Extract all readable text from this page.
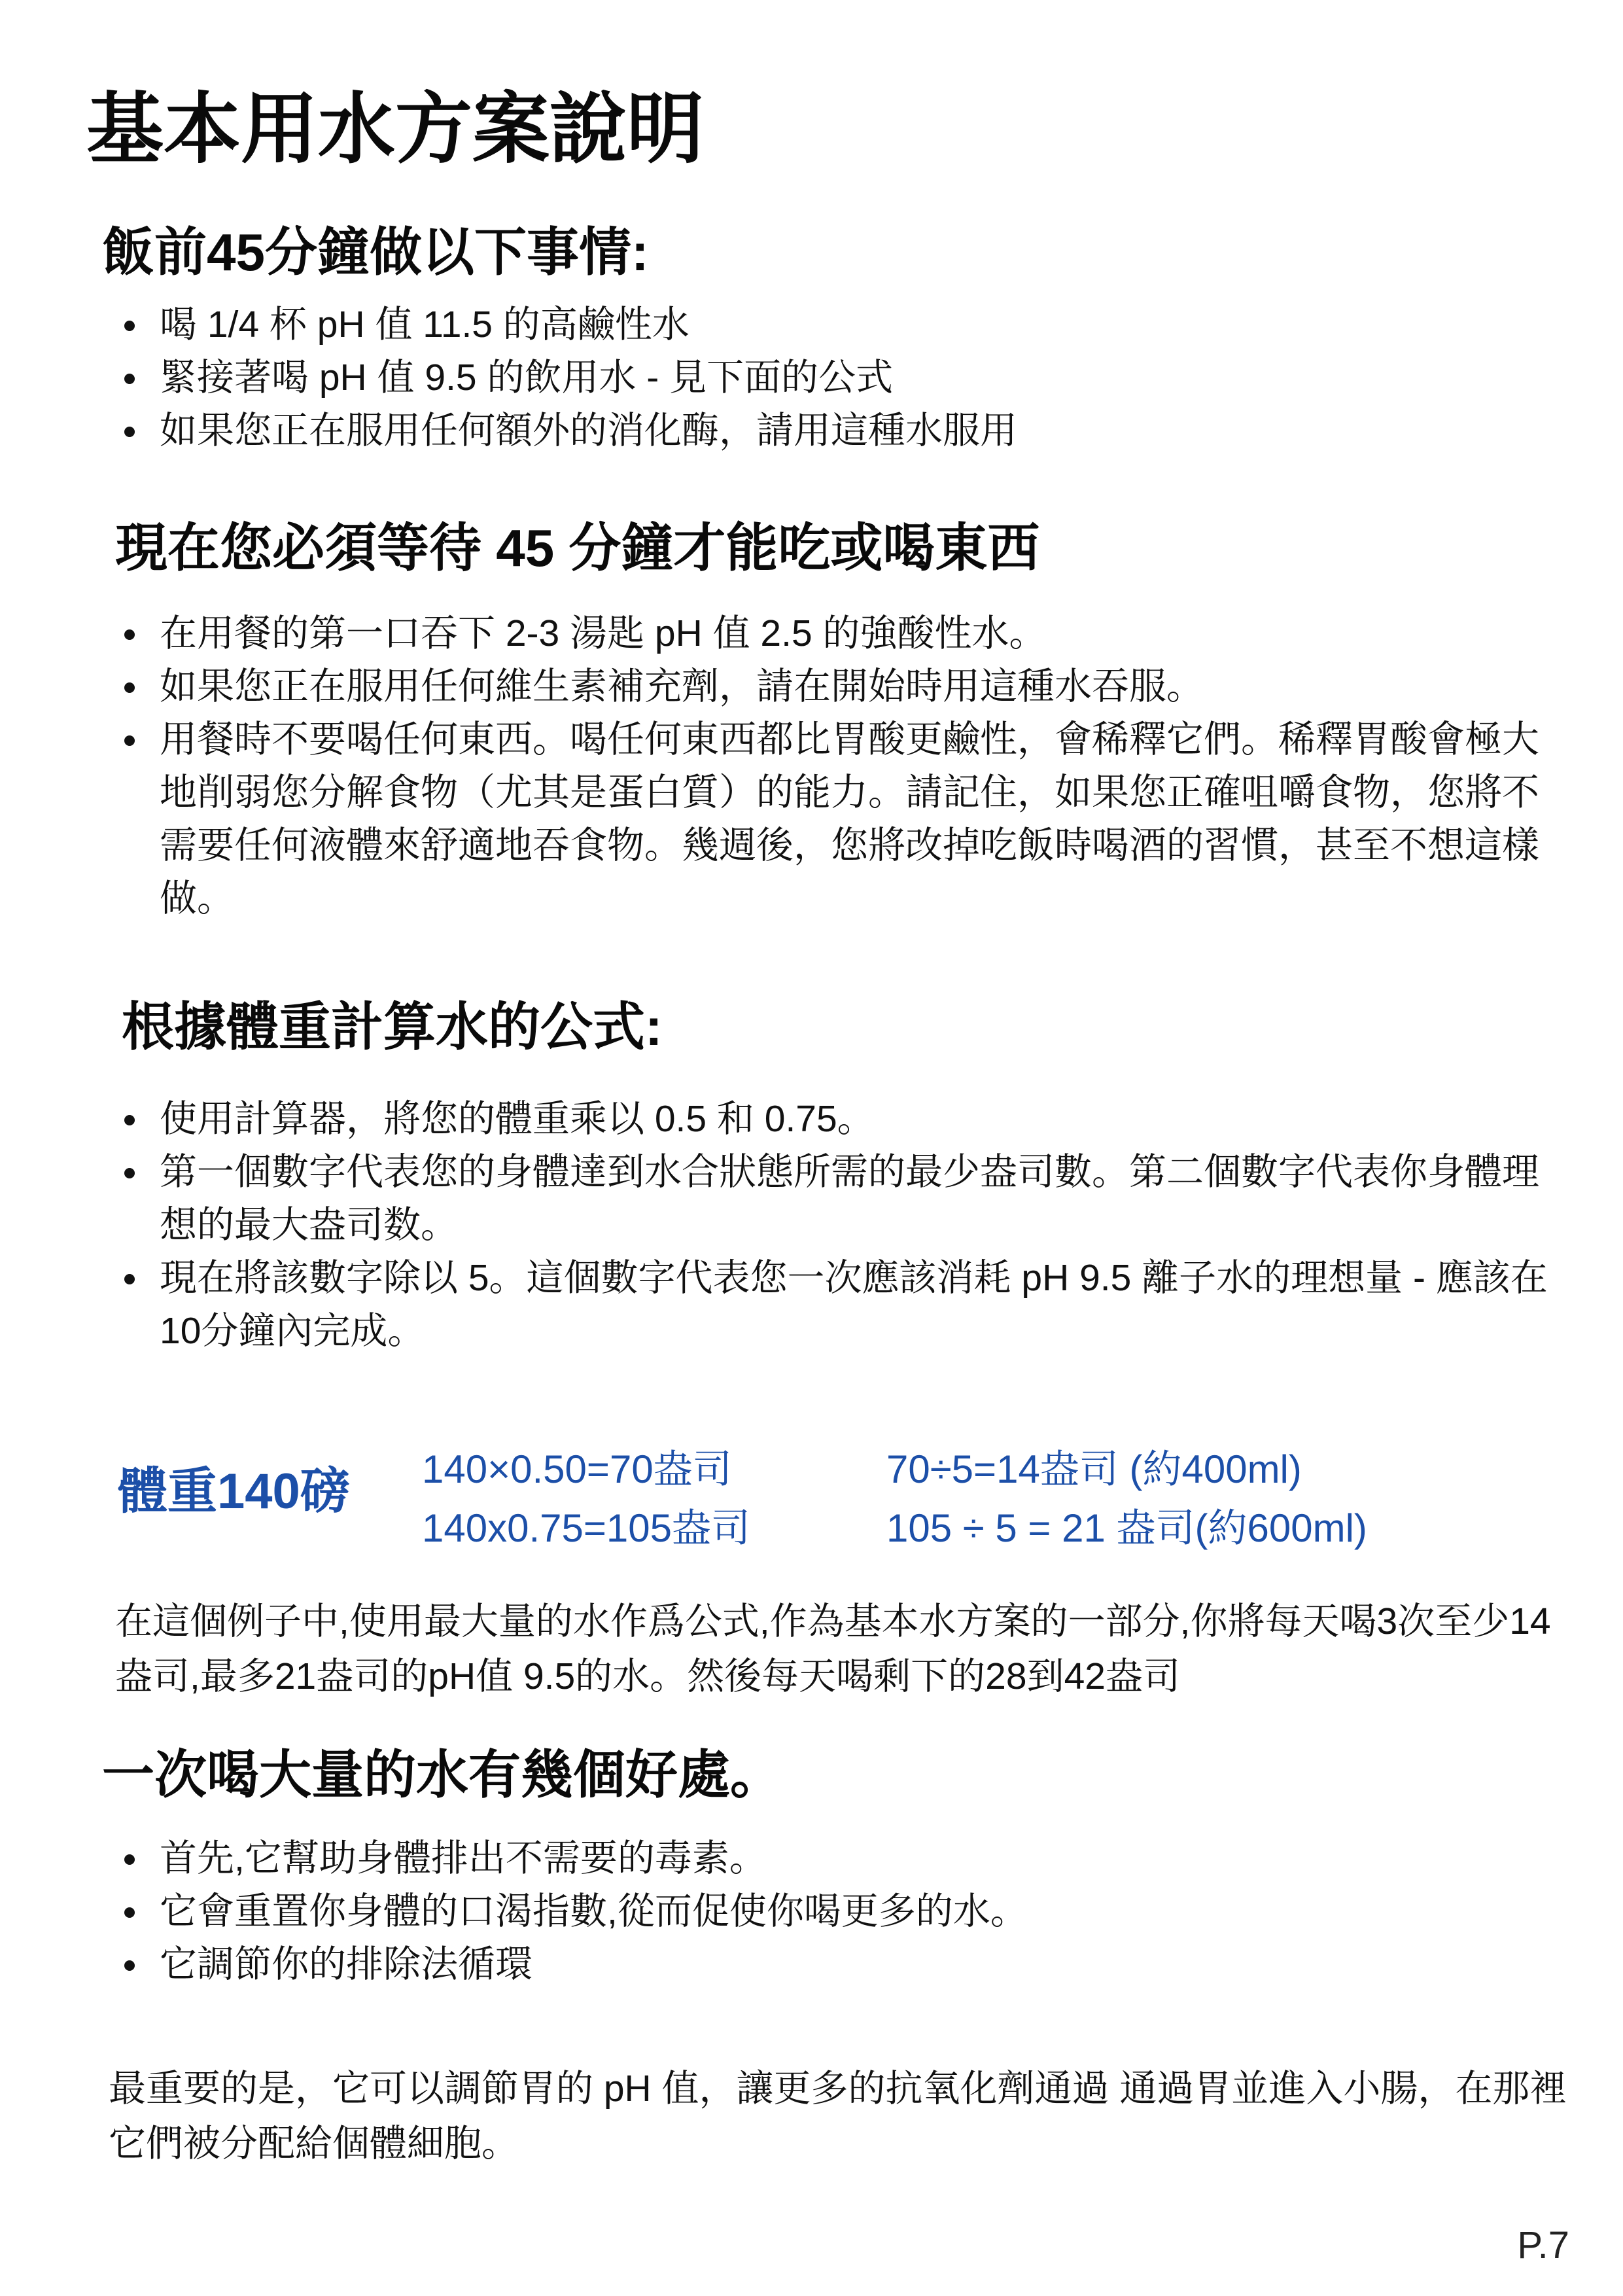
基本用水方案說明
飯前45分鐘做以下事情:
喝 1/4 杯 pH 值 11.5 的高鹼性水
緊接著喝 pH 值 9.5 的飲用水 - 見下面的公式
如果您正在服用任何額外的消化酶，請用這種水服用
現在您必須等待 45 分鐘才能吃或喝東西
在用餐的第一口吞下 2-3 湯匙 pH 值 2.5 的強酸性水。
如果您正在服用任何維生素補充劑，請在開始時用這種水吞服。
用餐時不要喝任何東西。喝任何東西都比胃酸更鹼性，會稀釋它們。稀釋胃酸會極大地削弱您分解食物（尤其是蛋白質）的能力。請記住，如果您正確咀嚼食物，您將不需要任何液體來舒適地吞食物。幾週後，您將改掉吃飯時喝酒的習慣，甚至不想這樣做。
根據體重計算水的公式:
使用計算器，將您的體重乘以 0.5 和 0.75。
第一個數字代表您的身體達到水合狀態所需的最少盎司數。第二個數字代表你身體理想的最大盎司数。
現在將該數字除以 5。這個數字代表您一次應該消耗 pH 9.5 離子水的理想量 - 應該在10分鐘內完成。
體重140磅 140×0.50=70盎司
140x0.75=105盎司
70÷5=14盎司 (約400ml)
105 ÷ 5 = 21 盎司(約600ml)

在這個例子中,使用最大量的水作爲公式,作為基本水方案的一部分,你將每天喝3次至少14盎司,最多21盎司的pH值 9.5的水。然後每天喝剩下的28到42盎司

一次喝大量的水有幾個好處。
首先,它幫助身體排出不需要的毒素。
它會重置你身體的口渴指數,從而促使你喝更多的水。
它調節你的排除法循環

最重要的是，它可以調節胃的 pH 值，讓更多的抗氧化劑通過 通過胃並進入小腸，在那裡它們被分配給個體細胞。

P.7
